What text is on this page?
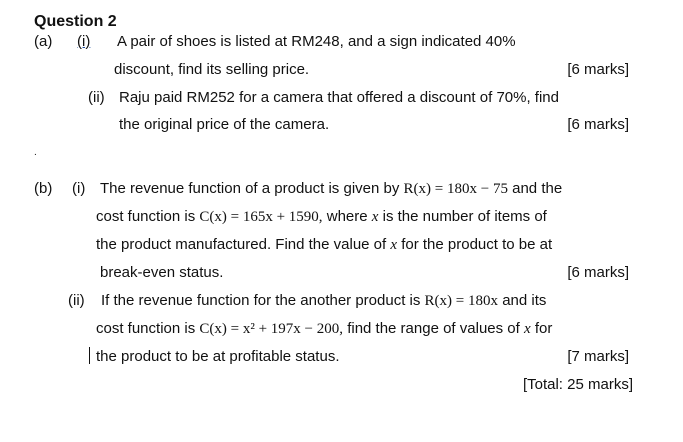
Question 2
(a) (i) A pair of shoes is listed at RM248, and a sign indicated 40%
discount, find its selling price.	[6 marks]
(ii) Raju paid RM252 for a camera that offered a discount of 70%, find
the original price of the camera.	[6 marks]
.
(b) (i) The revenue function of a product is given by R(x) = 180x − 75 and the
cost function is C(x) = 165x + 1590, where x is the number of items of
the product manufactured. Find the value of x for the product to be at
break-even status.	[6 marks]
(ii) If the revenue function for the another product is R(x) = 180x and its
cost function is C(x) = x² + 197x − 200, find the range of values of x for
the product to be at profitable status.	[7 marks]
[Total: 25 marks]
